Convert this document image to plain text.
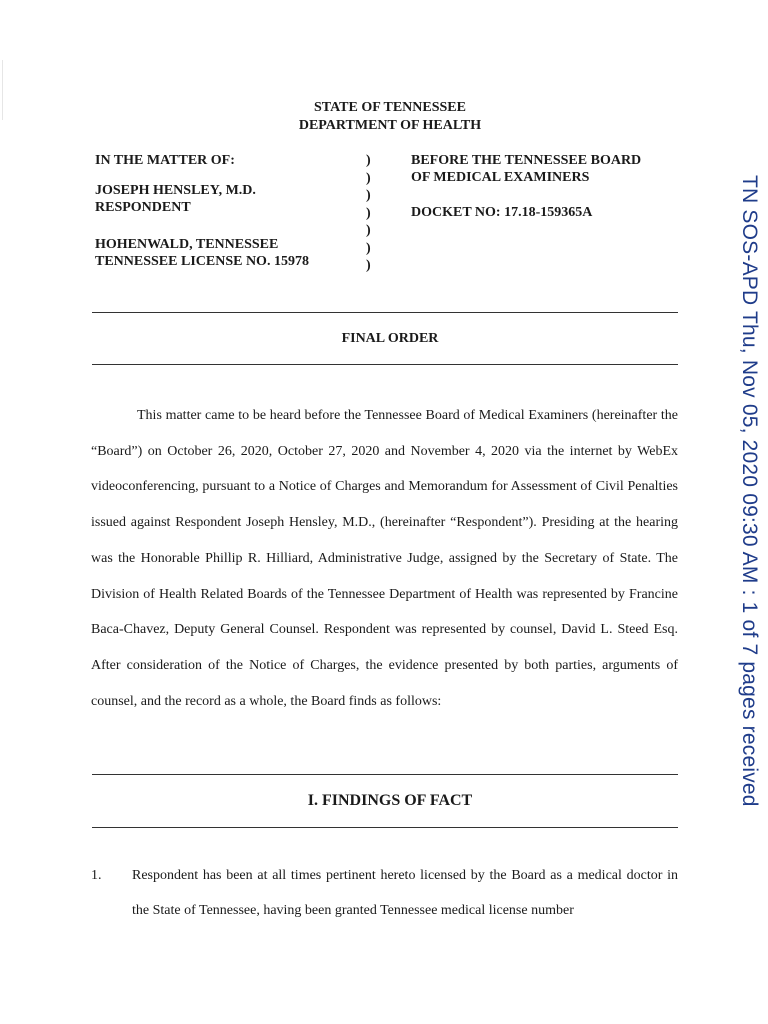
STATE OF TENNESSEE
DEPARTMENT OF HEALTH
IN THE MATTER OF:
JOSEPH HENSLEY, M.D.
RESPONDENT
HOHENWALD, TENNESSEE
TENNESSEE LICENSE NO. 15978
)
)
)
)
)
)
)
BEFORE THE TENNESSEE BOARD
OF MEDICAL EXAMINERS
DOCKET NO: 17.18-159365A
FINAL ORDER

This matter came to be heard before the Tennessee Board of Medical Examiners (hereinafter the “Board”) on October 26, 2020, October 27, 2020 and November 4, 2020 via the internet by WebEx videoconferencing, pursuant to a Notice of Charges and Memorandum for Assessment of Civil Penalties issued against Respondent Joseph Hensley, M.D., (hereinafter “Respondent”). Presiding at the hearing was the Honorable Phillip R. Hilliard, Administrative Judge, assigned by the Secretary of State. The Division of Health Related Boards of the Tennessee Department of Health was represented by Francine Baca-Chavez, Deputy General Counsel. Respondent was represented by counsel, David L. Steed Esq. After consideration of the Notice of Charges, the evidence presented by both parties, arguments of counsel, and the record as a whole, the Board finds as follows:

I. FINDINGS OF FACT
1. Respondent has been at all times pertinent hereto licensed by the Board as a medical doctor in the State of Tennessee, having been granted Tennessee medical license number
TN SOS-APD Thu, Nov 05, 2020 09:30 AM : 1 of 7 pages received
